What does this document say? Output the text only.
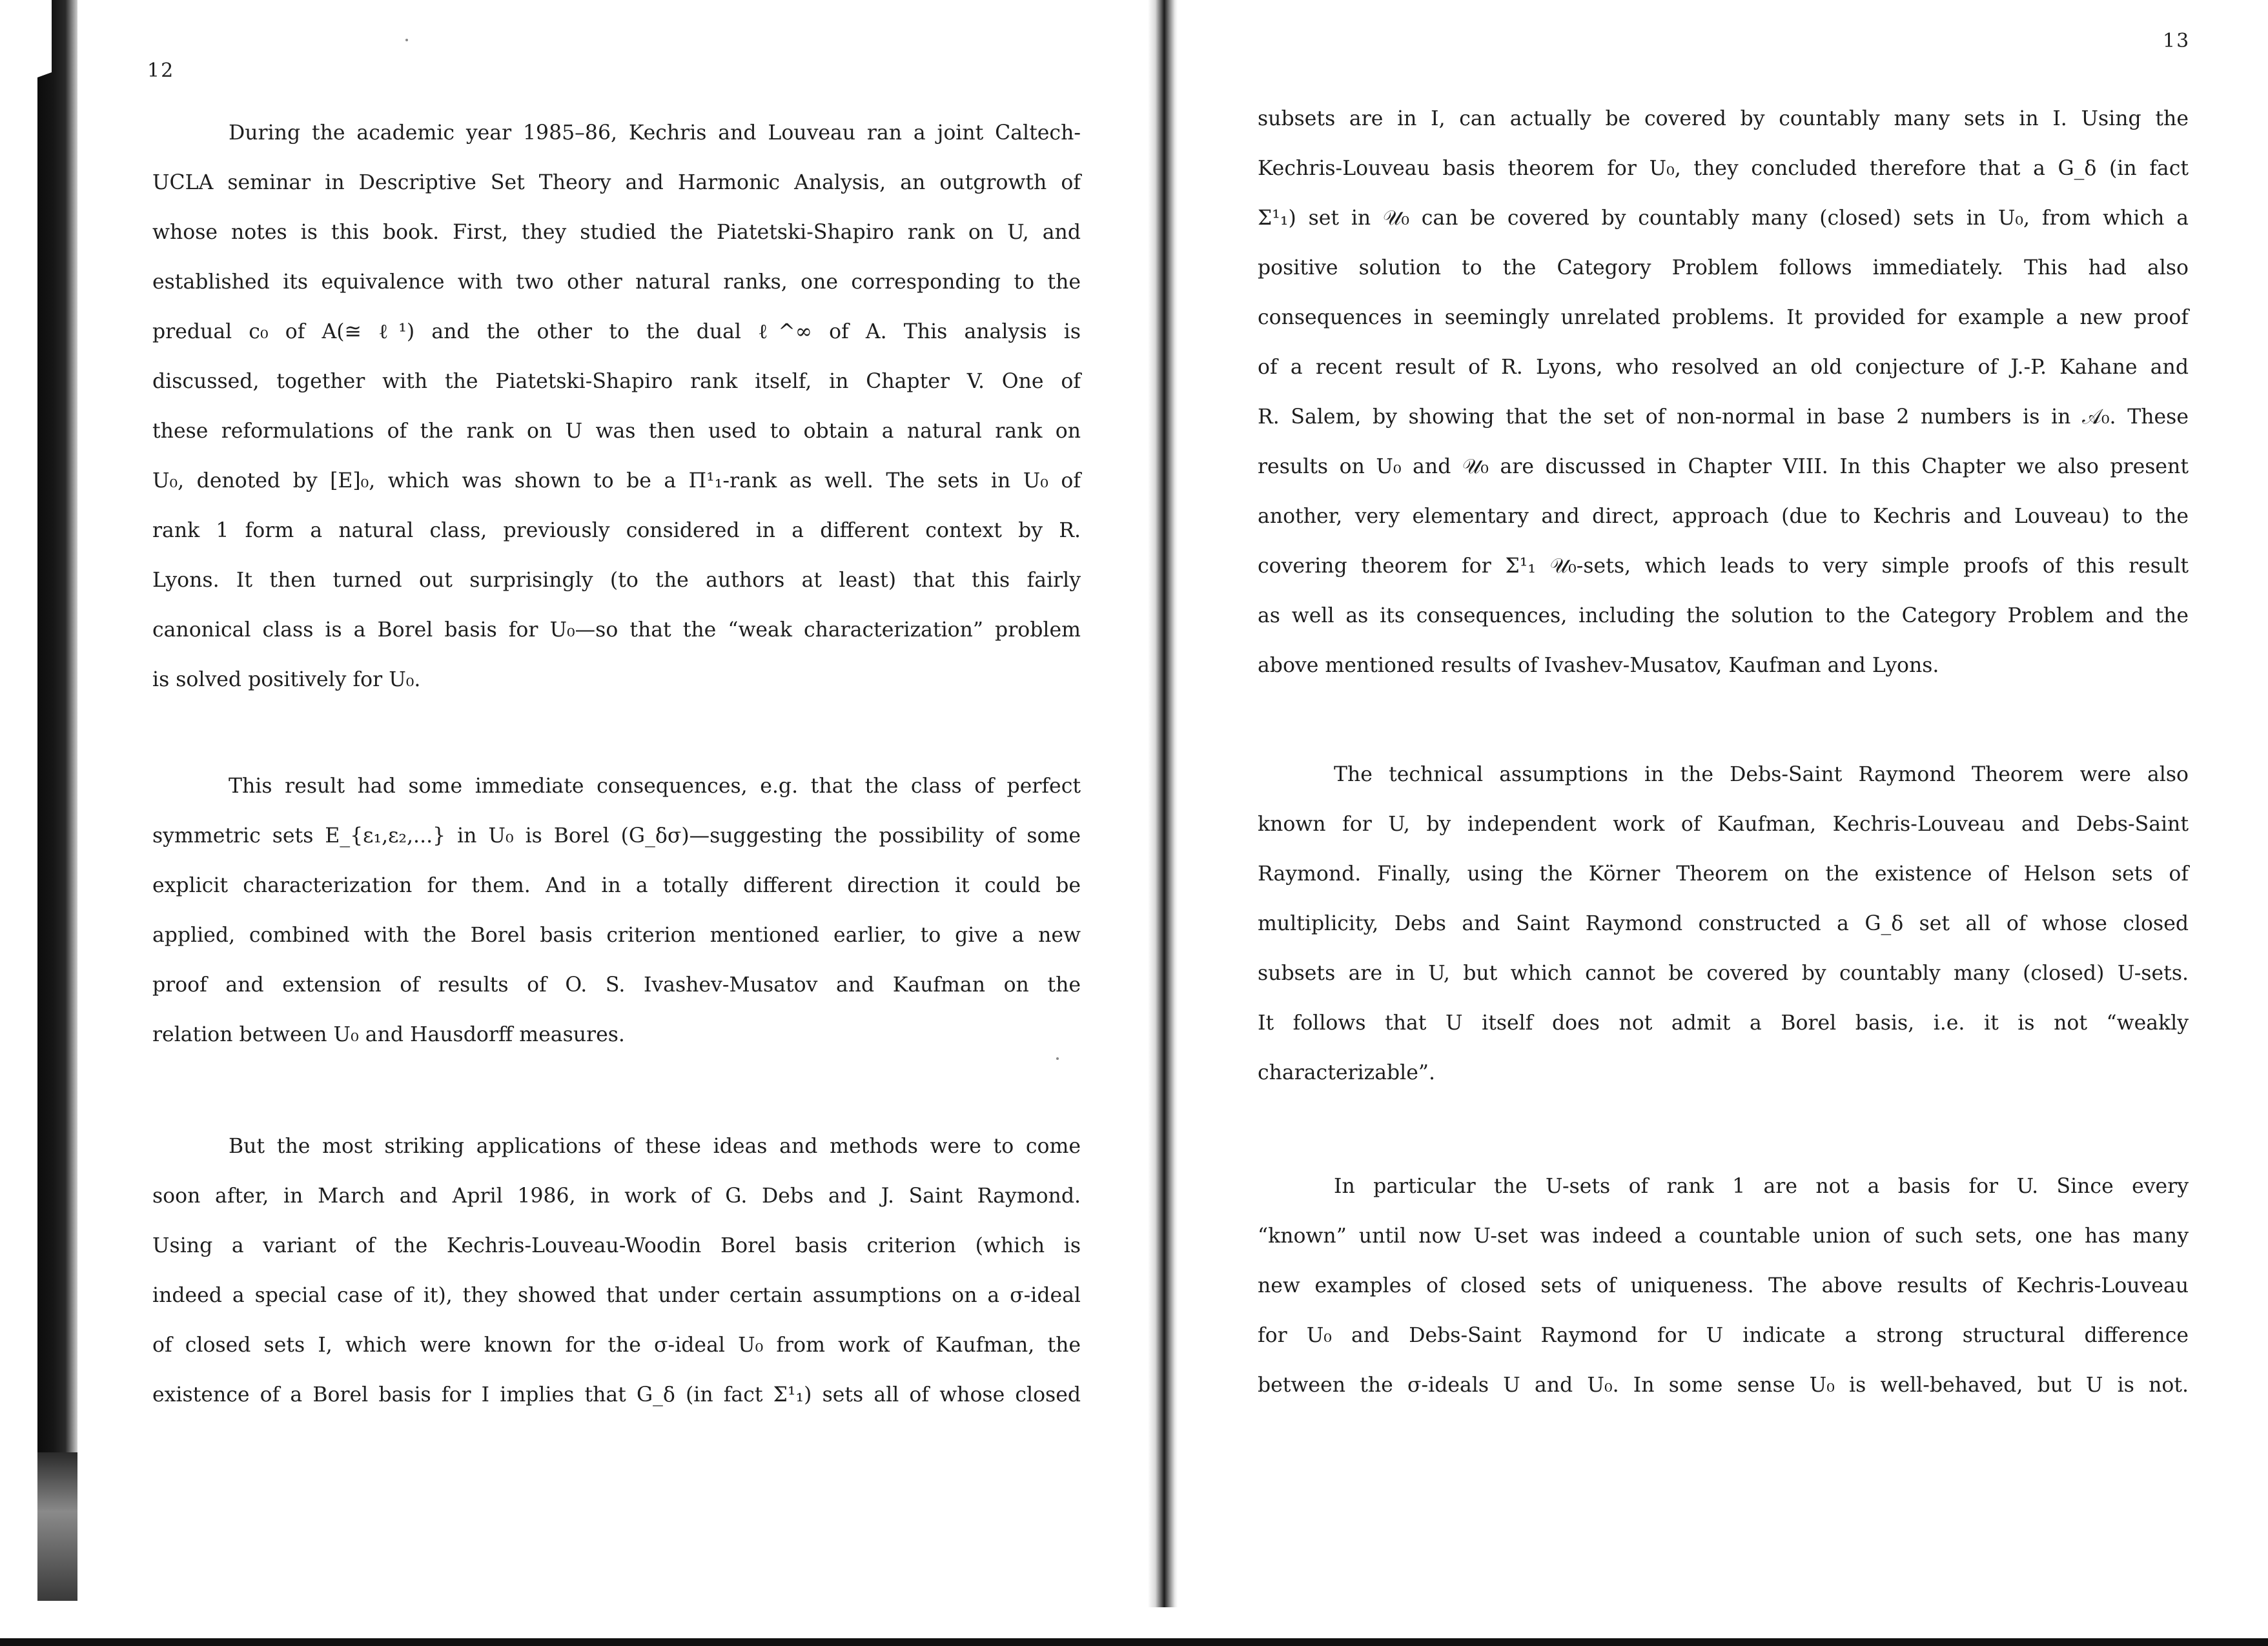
12
During the academic year 1985–86, Kechris and Louveau ran a joint Caltech-
UCLA seminar in Descriptive Set Theory and Harmonic Analysis, an outgrowth of
whose notes is this book. First, they studied the Piatetski-Shapiro rank on U, and
established its equivalence with two other natural ranks, one corresponding to the
predual c₀ of A(≅ ℓ¹) and the other to the dual ℓ^∞ of A. This analysis is
discussed, together with the Piatetski-Shapiro rank itself, in Chapter V. One of
these reformulations of the rank on U was then used to obtain a natural rank on
U₀, denoted by [E]₀, which was shown to be a Π¹₁-rank as well. The sets in U₀ of
rank 1 form a natural class, previously considered in a different context by R.
Lyons. It then turned out surprisingly (to the authors at least) that this fairly
canonical class is a Borel basis for U₀—so that the “weak characterization” problem
is solved positively for U₀.
This result had some immediate consequences, e.g. that the class of perfect
symmetric sets E_{ε₁,ε₂,...} in U₀ is Borel (G_δσ)—suggesting the possibility of some
explicit characterization for them. And in a totally different direction it could be
applied, combined with the Borel basis criterion mentioned earlier, to give a new
proof and extension of results of O. S. Ivashev-Musatov and Kaufman on the
relation between U₀ and Hausdorff measures.
But the most striking applications of these ideas and methods were to come
soon after, in March and April 1986, in work of G. Debs and J. Saint Raymond.
Using a variant of the Kechris-Louveau-Woodin Borel basis criterion (which is
indeed a special case of it), they showed that under certain assumptions on a σ-ideal
of closed sets I, which were known for the σ-ideal U₀ from work of Kaufman, the
existence of a Borel basis for I implies that G_δ (in fact Σ¹₁) sets all of whose closed
13
subsets are in I, can actually be covered by countably many sets in I. Using the
Kechris-Louveau basis theorem for U₀, they concluded therefore that a G_δ (in fact
Σ¹₁) set in 𝒰₀ can be covered by countably many (closed) sets in U₀, from which a
positive solution to the Category Problem follows immediately. This had also
consequences in seemingly unrelated problems. It provided for example a new proof
of a recent result of R. Lyons, who resolved an old conjecture of J.-P. Kahane and
R. Salem, by showing that the set of non-normal in base 2 numbers is in 𝒜₀. These
results on U₀ and 𝒰₀ are discussed in Chapter VIII. In this Chapter we also present
another, very elementary and direct, approach (due to Kechris and Louveau) to the
covering theorem for Σ¹₁ 𝒰₀-sets, which leads to very simple proofs of this result
as well as its consequences, including the solution to the Category Problem and the
above mentioned results of Ivashev-Musatov, Kaufman and Lyons.
The technical assumptions in the Debs-Saint Raymond Theorem were also
known for U, by independent work of Kaufman, Kechris-Louveau and Debs-Saint
Raymond. Finally, using the Körner Theorem on the existence of Helson sets of
multiplicity, Debs and Saint Raymond constructed a G_δ set all of whose closed
subsets are in U, but which cannot be covered by countably many (closed) U-sets.
It follows that U itself does not admit a Borel basis, i.e. it is not “weakly
characterizable”.
In particular the U-sets of rank 1 are not a basis for U. Since every
“known” until now U-set was indeed a countable union of such sets, one has many
new examples of closed sets of uniqueness. The above results of Kechris-Louveau
for U₀ and Debs-Saint Raymond for U indicate a strong structural difference
between the σ-ideals U and U₀. In some sense U₀ is well-behaved, but U is not.
